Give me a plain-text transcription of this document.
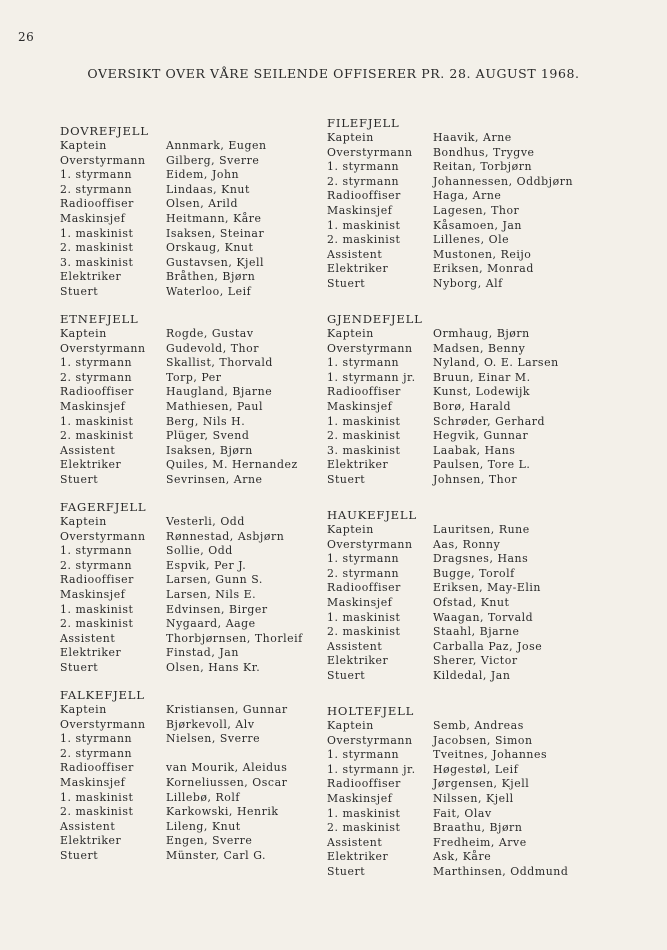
26
OVERSIKT OVER VÅRE SEILENDE OFFISERER PR. 28. AUGUST 1968.
DOVREFJELL
Kaptein	Annmark, Eugen
Overstyrmann	Gilberg, Sverre
1. styrmann	Eidem, John
2. styrmann	Lindaas, Knut
Radiooffiser	Olsen, Arild
Maskinsjef	Heitmann, Kåre
1. maskinist	Isaksen, Steinar
2. maskinist	Orskaug, Knut
3. maskinist	Gustavsen, Kjell
Elektriker	Bråthen, Bjørn
Stuert	Waterloo, Leif
ETNEFJELL
Kaptein	Rogde, Gustav
Overstyrmann	Gudevold, Thor
1. styrmann	Skallist, Thorvald
2. styrmann	Torp, Per
Radiooffiser	Haugland, Bjarne
Maskinsjef	Mathiesen, Paul
1. maskinist	Berg, Nils H.
2. maskinist	Plüger, Svend
Assistent	Isaksen, Bjørn
Elektriker	Quiles, M. Hernandez
Stuert	Sevrinsen, Arne
FAGERFJELL
Kaptein	Vesterli, Odd
Overstyrmann	Rønnestad, Asbjørn
1. styrmann	Sollie, Odd
2. styrmann	Espvik, Per J.
Radiooffiser	Larsen, Gunn S.
Maskinsjef	Larsen, Nils E.
1. maskinist	Edvinsen, Birger
2. maskinist	Nygaard, Aage
Assistent	Thorbjørnsen, Thorleif
Elektriker	Finstad, Jan
Stuert	Olsen, Hans Kr.
FALKEFJELL
Kaptein	Kristiansen, Gunnar
Overstyrmann	Bjørkevoll, Alv
1. styrmann	Nielsen, Sverre
2. styrmann
Radiooffiser	van Mourik, Aleidus
Maskinsjef	Korneliussen, Oscar
1. maskinist	Lillebø, Rolf
2. maskinist	Karkowski, Henrik
Assistent	Lileng, Knut
Elektriker	Engen, Sverre
Stuert	Münster, Carl G.
FILEFJELL
Kaptein	Haavik, Arne
Overstyrmann	Bondhus, Trygve
1. styrmann	Reitan, Torbjørn
2. styrmann	Johannessen, Oddbjørn
Radiooffiser	Haga, Arne
Maskinsjef	Lagesen, Thor
1. maskinist	Kåsamoen, Jan
2. maskinist	Lillenes, Ole
Assistent	Mustonen, Reijo
Elektriker	Eriksen, Monrad
Stuert	Nyborg, Alf
GJENDEFJELL
Kaptein	Ormhaug, Bjørn
Overstyrmann	Madsen, Benny
1. styrmann	Nyland, O. E. Larsen
1. styrmann jr.	Bruun, Einar M.
Radiooffiser	Kunst, Lodewijk
Maskinsjef	Borø, Harald
1. maskinist	Schrøder, Gerhard
2. maskinist	Hegvik, Gunnar
3. maskinist	Laabak, Hans
Elektriker	Paulsen, Tore L.
Stuert	Johnsen, Thor
HAUKEFJELL
Kaptein	Lauritsen, Rune
Overstyrmann	Aas, Ronny
1. styrmann	Dragsnes, Hans
2. styrmann	Bugge, Torolf
Radiooffiser	Eriksen, May-Elin
Maskinsjef	Ofstad, Knut
1. maskinist	Waagan, Torvald
2. maskinist	Staahl, Bjarne
Assistent	Carballa Paz, Jose
Elektriker	Sherer, Victor
Stuert	Kildedal, Jan
HOLTEFJELL
Kaptein	Semb, Andreas
Overstyrmann	Jacobsen, Simon
1. styrmann	Tveitnes, Johannes
1. styrmann jr.	Høgestøl, Leif
Radiooffiser	Jørgensen, Kjell
Maskinsjef	Nilssen, Kjell
1. maskinist	Fait, Olav
2. maskinist	Braathu, Bjørn
Assistent	Fredheim, Arve
Elektriker	Ask, Kåre
Stuert	Marthinsen, Oddmund
